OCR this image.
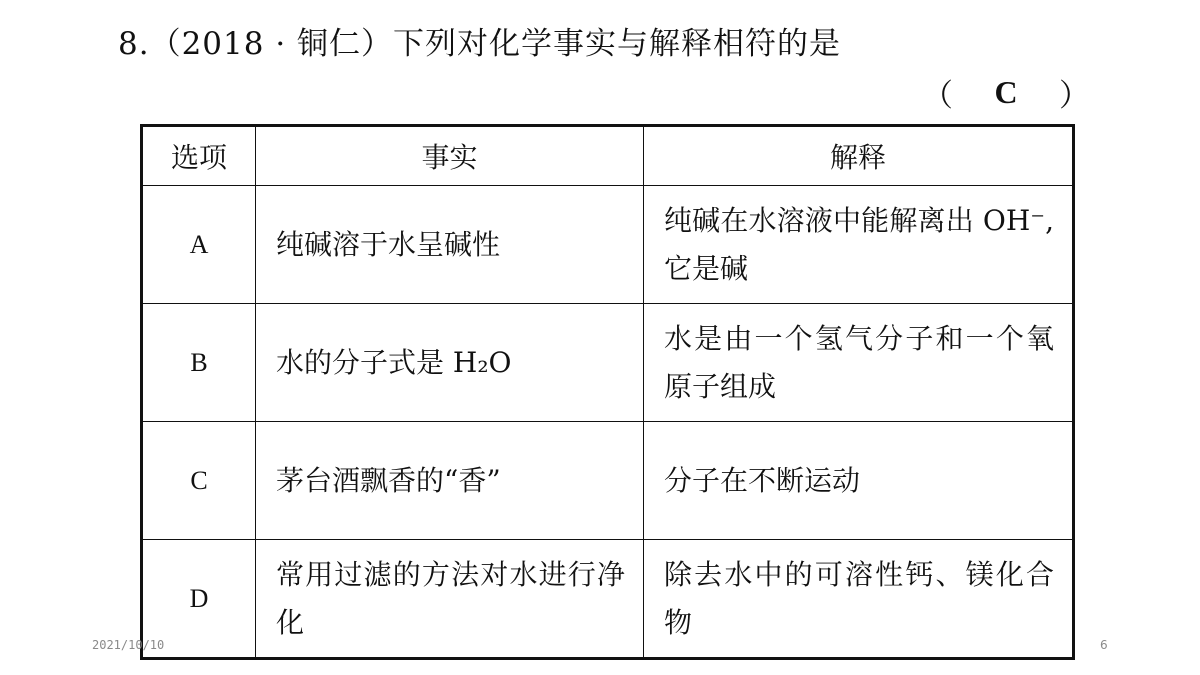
8.（2018 · 铜仁）下列对化学事实与解释相符的是
（ C ）
选项	事实	解释
A	纯碱溶于水呈碱性	纯碱在水溶液中能解离出 OH⁻,它是碱
B	水的分子式是 H₂O	水是由一个氢气分子和一个氧原子组成
C	茅台酒飘香的“香”	分子在不断运动
D	常用过滤的方法对水进行净化	除去水中的可溶性钙、镁化合物
2021/10/10	6
